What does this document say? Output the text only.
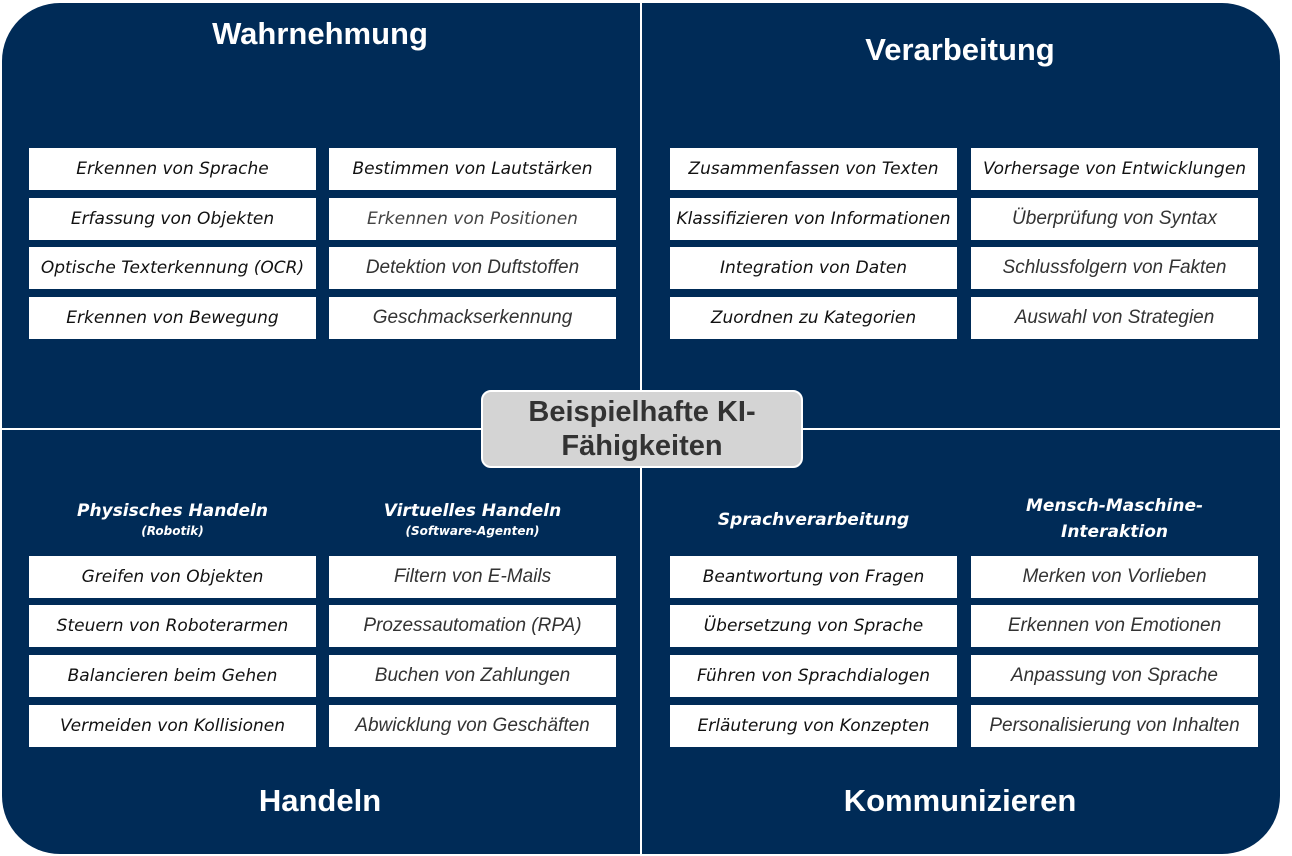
Wahrnehmung	Verarbeitung
Handeln	Kommunizieren
Erkennen von Sprache
Erfassung von Objekten
Optische Texterkennung (OCR)
Erkennen von Bewegung
Bestimmen von Lautstärken
Erkennen von Positionen
Detektion von Duftstoffen
Geschmackserkennung
Zusammenfassen von Texten
Klassifizieren von Informationen
Integration von Daten
Zuordnen zu Kategorien
Vorhersage von Entwicklungen
Überprüfung von Syntax
Schlussfolgern von Fakten
Auswahl von Strategien
Physisches Handeln
(Robotik)
Virtuelles Handeln
(Software-Agenten)
Greifen von Objekten
Steuern von Roboterarmen
Balancieren beim Gehen
Vermeiden von Kollisionen
Filtern von E-Mails
Prozessautomation (RPA)
Buchen von Zahlungen
Abwicklung von Geschäften
Sprachverarbeitung
Mensch-Maschine-
Interaktion
Beantwortung von Fragen
Übersetzung von Sprache
Führen von Sprachdialogen
Erläuterung von Konzepten
Merken von Vorlieben
Erkennen von Emotionen
Anpassung von Sprache
Personalisierung von Inhalten
Beispielhafte KI-Fähigkeiten
